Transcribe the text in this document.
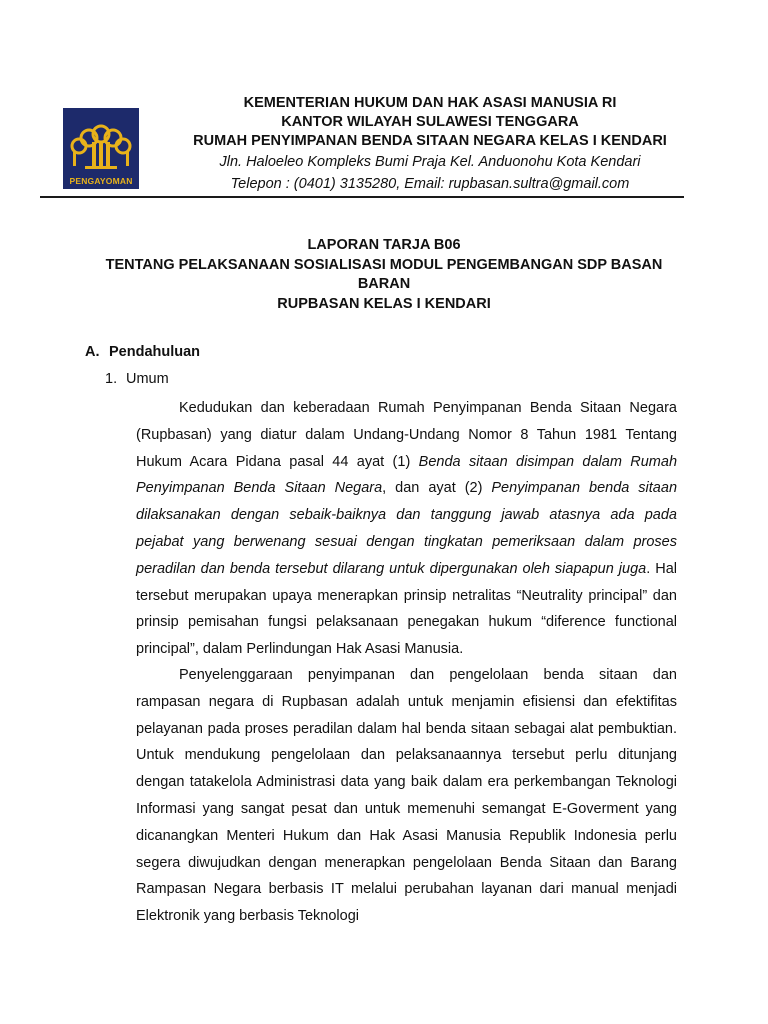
PENGAYOMAN
KEMENTERIAN HUKUM DAN HAK ASASI MANUSIA RI
KANTOR WILAYAH SULAWESI TENGGARA
RUMAH PENYIMPANAN BENDA SITAAN NEGARA KELAS I KENDARI
Jln. Haloeleo Kompleks Bumi Praja Kel. Anduonohu Kota Kendari
Telepon : (0401) 3135280, Email: rupbasan.sultra@gmail.com
LAPORAN TARJA B06
TENTANG PELAKSANAAN SOSIALISASI MODUL PENGEMBANGAN SDP BASAN
BARAN
RUPBASAN KELAS I KENDARI
A. Pendahuluan
1. Umum

Kedudukan dan keberadaan Rumah Penyimpanan Benda Sitaan Negara (Rupbasan) yang diatur dalam Undang-Undang Nomor 8 Tahun 1981 Tentang Hukum Acara Pidana pasal 44 ayat (1) Benda sitaan disimpan dalam Rumah Penyimpanan Benda Sitaan Negara, dan ayat (2) Penyimpanan benda sitaan dilaksanakan dengan sebaik-baiknya dan tanggung jawab atasnya ada pada pejabat yang berwenang sesuai dengan tingkatan pemeriksaan dalam proses peradilan dan benda tersebut dilarang untuk dipergunakan oleh siapapun juga. Hal tersebut merupakan upaya menerapkan prinsip netralitas “Neutrality principal” dan prinsip pemisahan fungsi pelaksanaan penegakan hukum “diference functional principal”, dalam Perlindungan Hak Asasi Manusia.

Penyelenggaraan penyimpanan dan pengelolaan benda sitaan dan rampasan negara di Rupbasan adalah untuk menjamin efisiensi dan efektifitas pelayanan pada proses peradilan dalam hal benda sitaan sebagai alat pembuktian. Untuk mendukung pengelolaan dan pelaksanaannya tersebut perlu ditunjang dengan tatakelola Administrasi data yang baik dalam era perkembangan Teknologi Informasi yang sangat pesat dan untuk memenuhi semangat E-Goverment yang dicanangkan Menteri Hukum dan Hak Asasi Manusia Republik Indonesia perlu segera diwujudkan dengan menerapkan pengelolaan Benda Sitaan dan Barang Rampasan Negara berbasis IT melalui perubahan layanan dari manual menjadi Elektronik yang berbasis Teknologi
